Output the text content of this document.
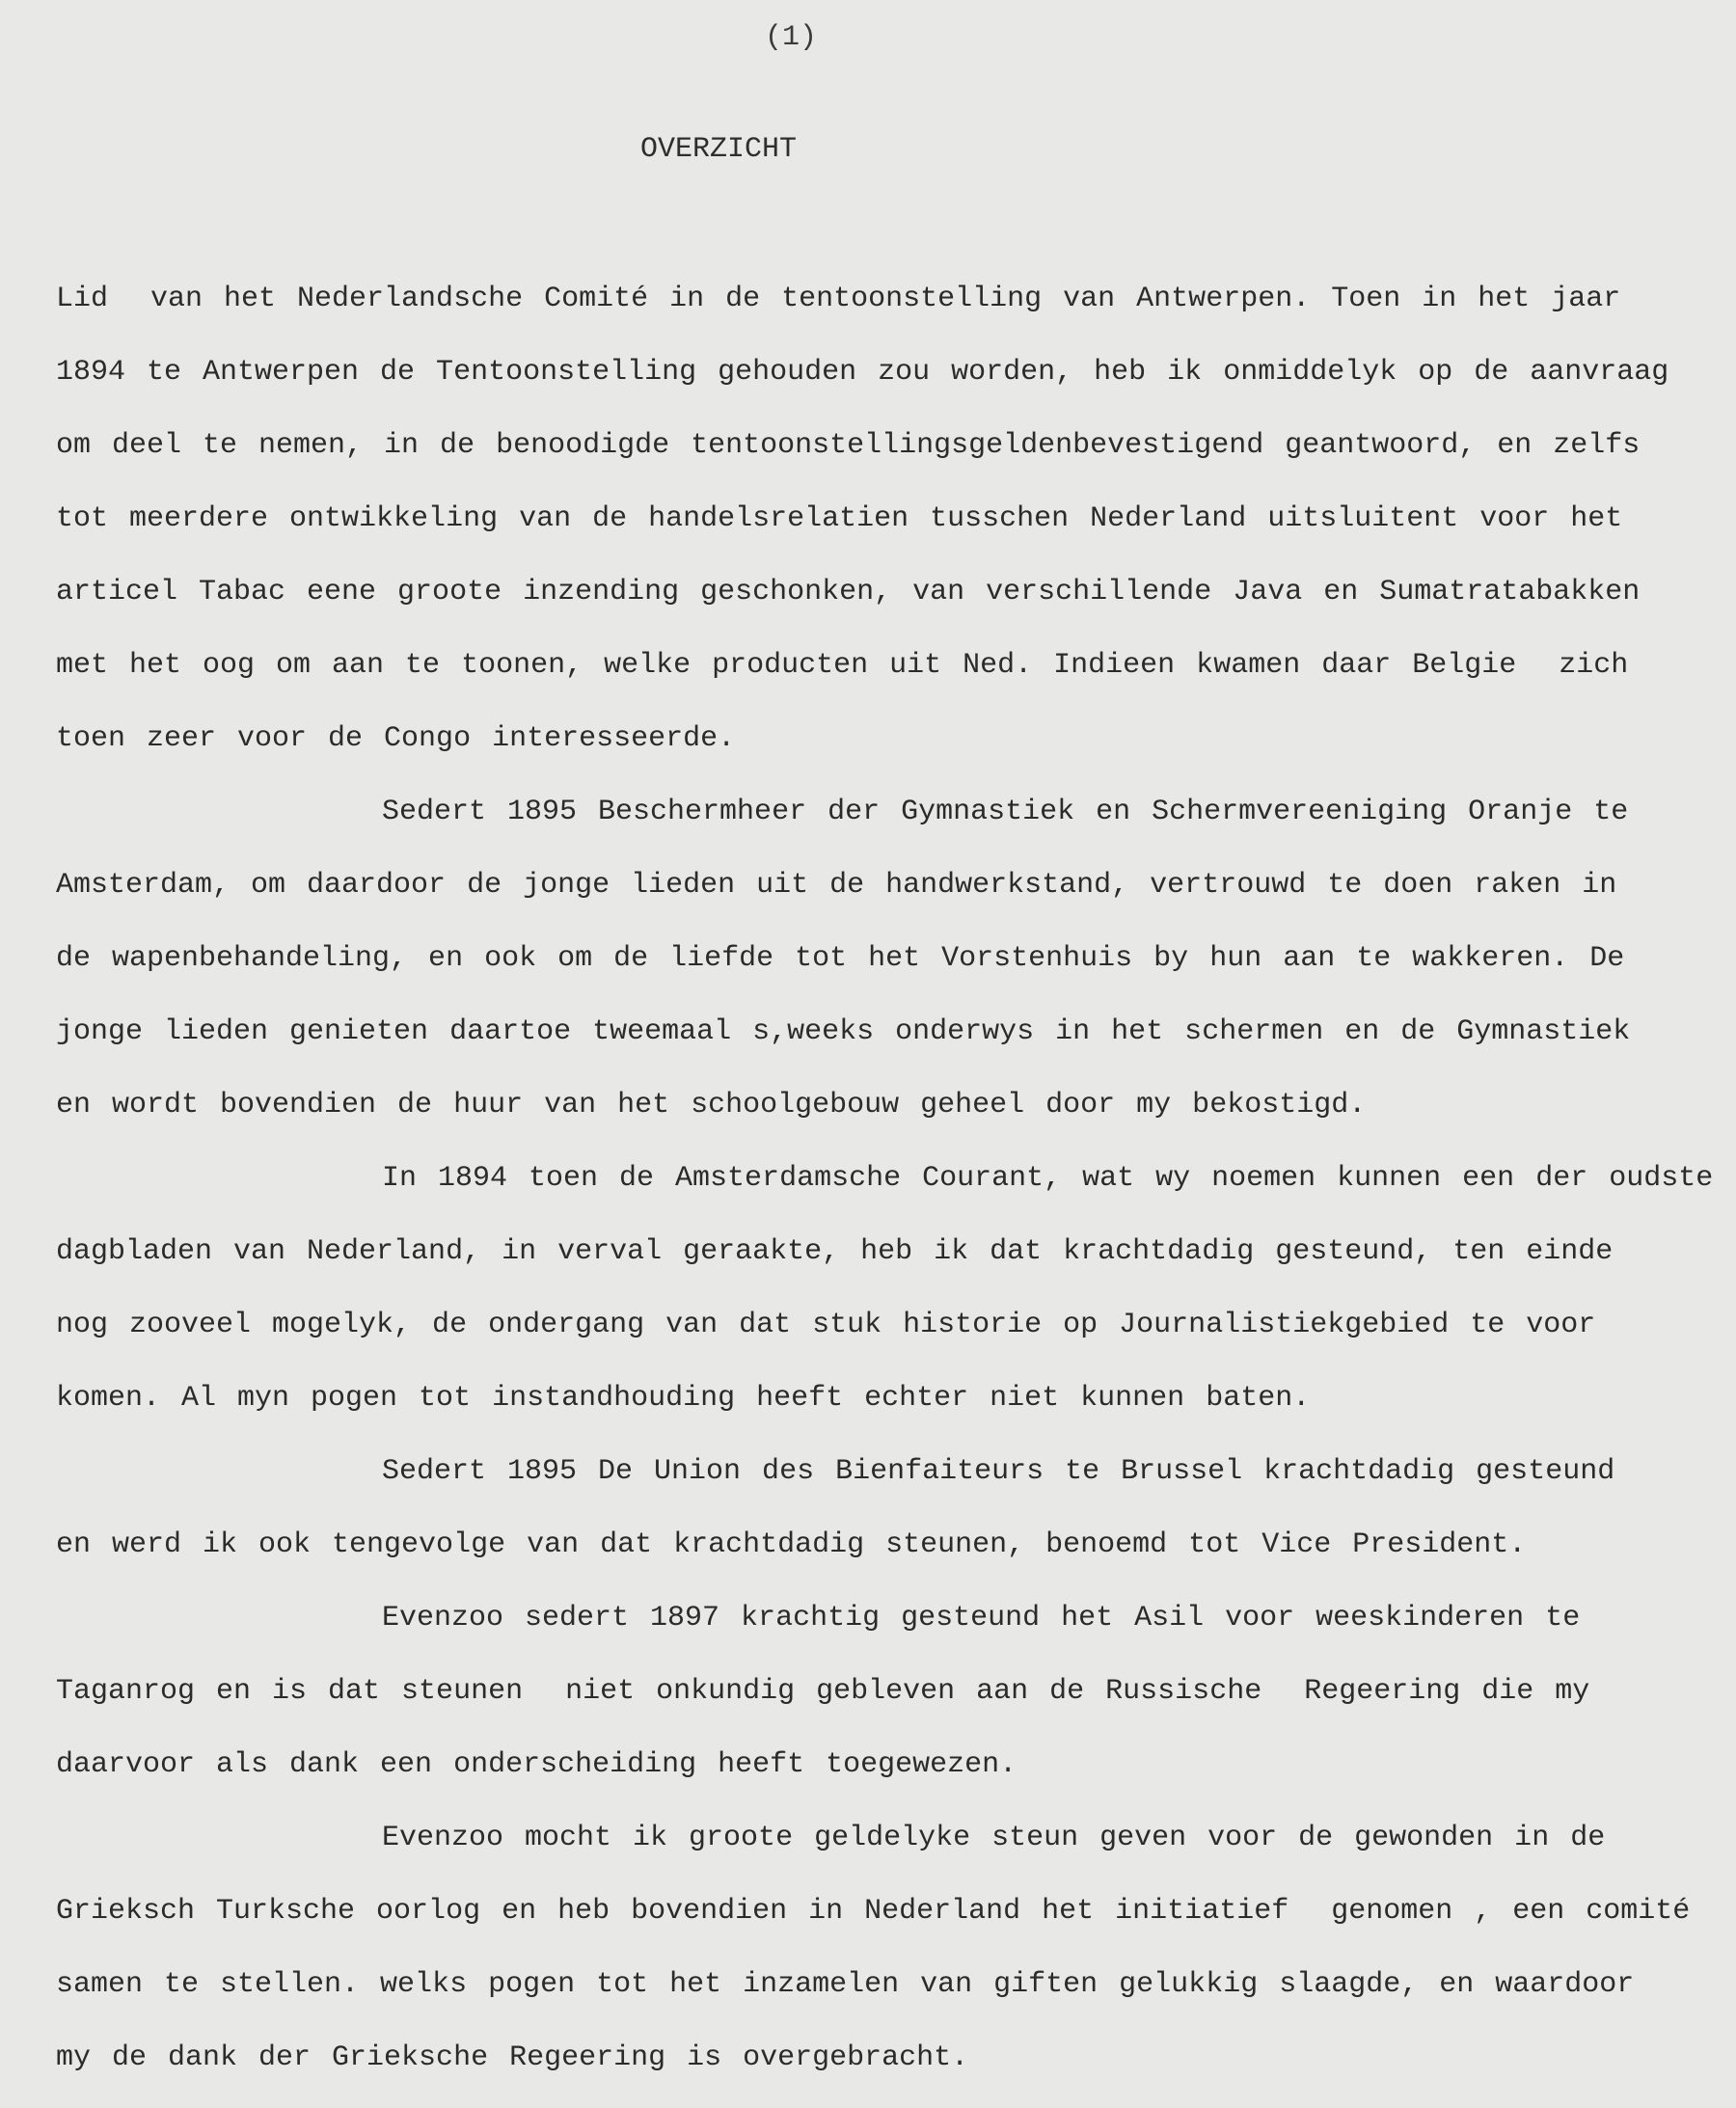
(1)
OVERZICHT
Lid  van het Nederlandsche Comité in de tentoonstelling van Antwerpen. Toen in het jaar
1894 te Antwerpen de Tentoonstelling gehouden zou worden, heb ik onmiddelyk op de aanvraag
om deel te nemen, in de benoodigde tentoonstellingsgeldenbevestigend geantwoord, en zelfs
tot meerdere ontwikkeling van de handelsrelatien tusschen Nederland uitsluitent voor het
articel Tabac eene groote inzending geschonken, van verschillende Java en Sumatratabakken
met het oog om aan te toonen, welke producten uit Ned. Indieen kwamen daar Belgie  zich
toen zeer voor de Congo interesseerde.
Sedert 1895 Beschermheer der Gymnastiek en Schermvereeniging Oranje te
Amsterdam, om daardoor de jonge lieden uit de handwerkstand, vertrouwd te doen raken in
de wapenbehandeling, en ook om de liefde tot het Vorstenhuis by hun aan te wakkeren. De
jonge lieden genieten daartoe tweemaal s,weeks onderwys in het schermen en de Gymnastiek
en wordt bovendien de huur van het schoolgebouw geheel door my bekostigd.
In 1894 toen de Amsterdamsche Courant, wat wy noemen kunnen een der oudste
dagbladen van Nederland, in verval geraakte, heb ik dat krachtdadig gesteund, ten einde
nog zooveel mogelyk, de ondergang van dat stuk historie op Journalistiekgebied te voor
komen. Al myn pogen tot instandhouding heeft echter niet kunnen baten.
Sedert 1895 De Union des Bienfaiteurs te Brussel krachtdadig gesteund
en werd ik ook tengevolge van dat krachtdadig steunen, benoemd tot Vice President.
Evenzoo sedert 1897 krachtig gesteund het Asil voor weeskinderen te
Taganrog en is dat steunen  niet onkundig gebleven aan de Russische  Regeering die my
daarvoor als dank een onderscheiding heeft toegewezen.
Evenzoo mocht ik groote geldelyke steun geven voor de gewonden in de
Grieksch Turksche oorlog en heb bovendien in Nederland het initiatief  genomen , een comité
samen te stellen. welks pogen tot het inzamelen van giften gelukkig slaagde, en waardoor
my de dank der Grieksche Regeering is overgebracht.
